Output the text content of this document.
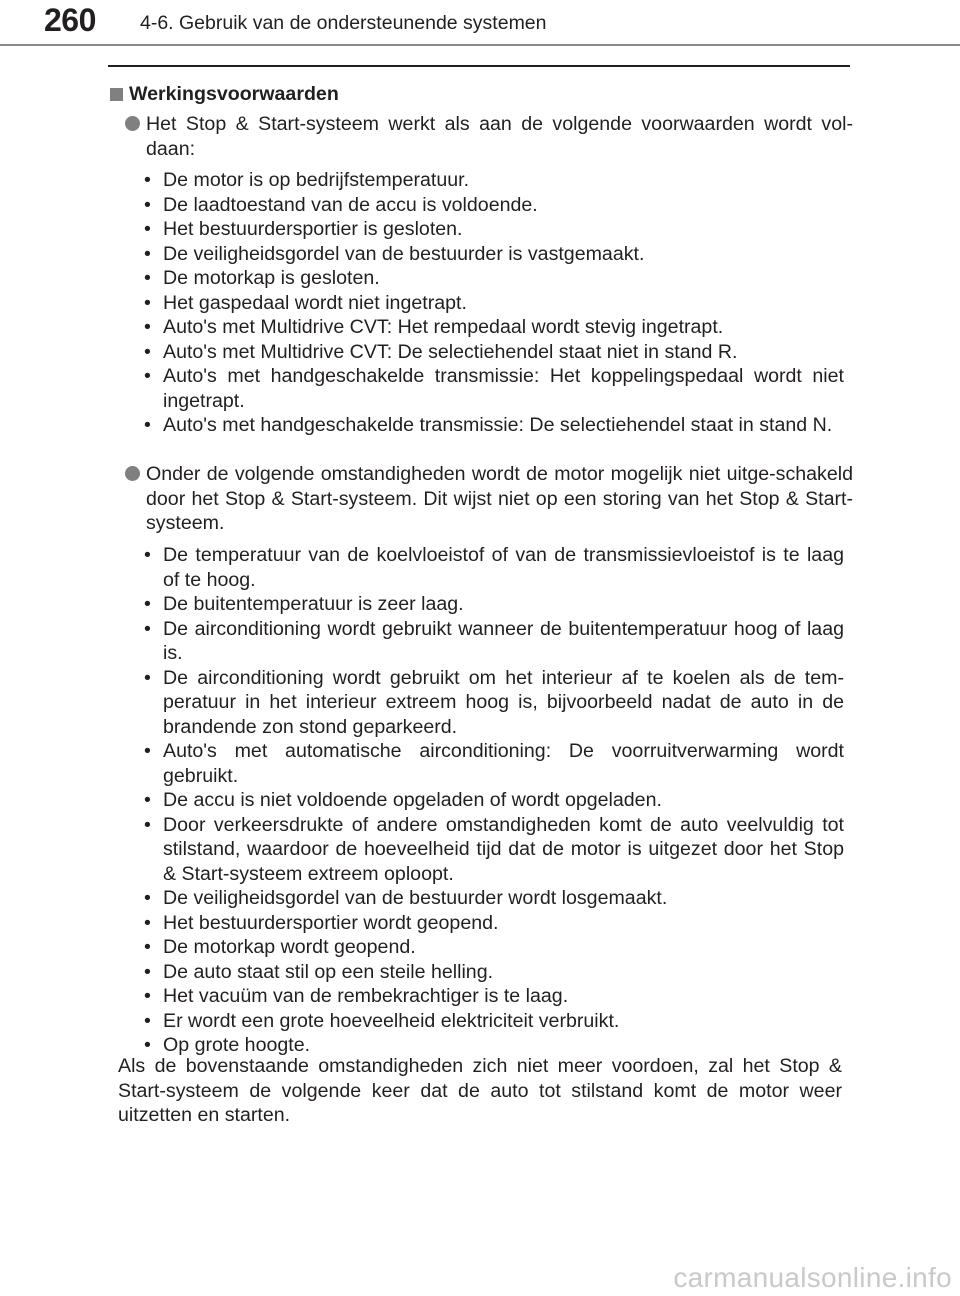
260 4-6. Gebruik van de ondersteunende systemen
Werkingsvoorwaarden
Het Stop & Start-systeem werkt als aan de volgende voorwaarden wordt vol-daan:
• De motor is op bedrijfstemperatuur.
• De laadtoestand van de accu is voldoende.
• Het bestuurdersportier is gesloten.
• De veiligheidsgordel van de bestuurder is vastgemaakt.
• De motorkap is gesloten.
• Het gaspedaal wordt niet ingetrapt.
• Auto's met Multidrive CVT: Het rempedaal wordt stevig ingetrapt.
• Auto's met Multidrive CVT: De selectiehendel staat niet in stand R.
• Auto's met handgeschakelde transmissie: Het koppelingspedaal wordt niet ingetrapt.
• Auto's met handgeschakelde transmissie: De selectiehendel staat in stand N.
Onder de volgende omstandigheden wordt de motor mogelijk niet uitge-schakeld door het Stop & Start-systeem. Dit wijst niet op een storing van het Stop & Start-systeem.
• De temperatuur van de koelvloeistof of van de transmissievloeistof is te laag of te hoog.
• De buitentemperatuur is zeer laag.
• De airconditioning wordt gebruikt wanneer de buitentemperatuur hoog of laag is.
• De airconditioning wordt gebruikt om het interieur af te koelen als de tem-peratuur in het interieur extreem hoog is, bijvoorbeeld nadat de auto in de brandende zon stond geparkeerd.
• Auto's met automatische airconditioning: De voorruitverwarming wordt gebruikt.
• De accu is niet voldoende opgeladen of wordt opgeladen.
• Door verkeersdrukte of andere omstandigheden komt de auto veelvuldig tot stilstand, waardoor de hoeveelheid tijd dat de motor is uitgezet door het Stop & Start-systeem extreem oploopt.
• De veiligheidsgordel van de bestuurder wordt losgemaakt.
• Het bestuurdersportier wordt geopend.
• De motorkap wordt geopend.
• De auto staat stil op een steile helling.
• Het vacuüm van de rembekrachtiger is te laag.
• Er wordt een grote hoeveelheid elektriciteit verbruikt.
• Op grote hoogte.
Als de bovenstaande omstandigheden zich niet meer voordoen, zal het Stop & Start-systeem de volgende keer dat de auto tot stilstand komt de motor weer uitzetten en starten.
carmanualsonline.info
